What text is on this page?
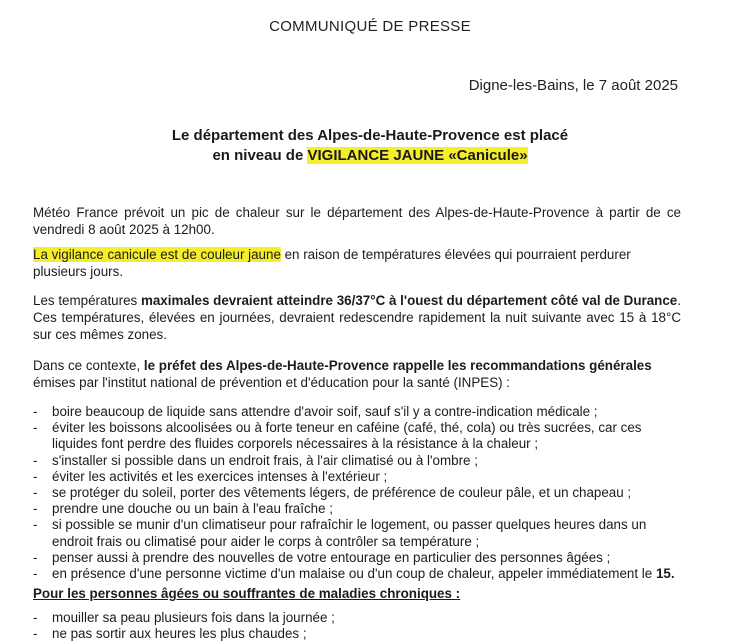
COMMUNIQUÉ DE PRESSE
Digne-les-Bains, le 7 août 2025
Le département des Alpes-de-Haute-Provence est placé
en niveau de VIGILANCE JAUNE «Canicule»
Météo France prévoit un pic de chaleur sur le département des Alpes-de-Haute-Provence à partir de ce vendredi 8 août 2025 à 12h00.
La vigilance canicule est de couleur jaune en raison de températures élevées qui pourraient perdurer plusieurs jours.
Les températures maximales devraient atteindre 36/37°C à l'ouest du département côté val de Durance. Ces températures, élevées en journées, devraient redescendre rapidement la nuit suivante avec 15 à 18°C sur ces mêmes zones.
Dans ce contexte, le préfet des Alpes-de-Haute-Provence rappelle les recommandations générales émises par l'institut national de prévention et d'éducation pour la santé (INPES) :
- boire beaucoup de liquide sans attendre d'avoir soif, sauf s'il y a contre-indication médicale ;
- éviter les boissons alcoolisées ou à forte teneur en caféine (café, thé, cola) ou très sucrées, car ces liquides font perdre des fluides corporels nécessaires à la résistance à la chaleur ;
- s'installer si possible dans un endroit frais, à l'air climatisé ou à l'ombre ;
- éviter les activités et les exercices intenses à l'extérieur ;
- se protéger du soleil, porter des vêtements légers, de préférence de couleur pâle, et un chapeau ;
- prendre une douche ou un bain à l'eau fraîche ;
- si possible se munir d'un climatiseur pour rafraîchir le logement, ou passer quelques heures dans un endroit frais ou climatisé pour aider le corps à contrôler sa température ;
- penser aussi à prendre des nouvelles de votre entourage en particulier des personnes âgées ;
- en présence d'une personne victime d'un malaise ou d'un coup de chaleur, appeler immédiatement le 15.
Pour les personnes âgées ou souffrantes de maladies chroniques :
- mouiller sa peau plusieurs fois dans la journée ;
- ne pas sortir aux heures les plus chaudes ;
